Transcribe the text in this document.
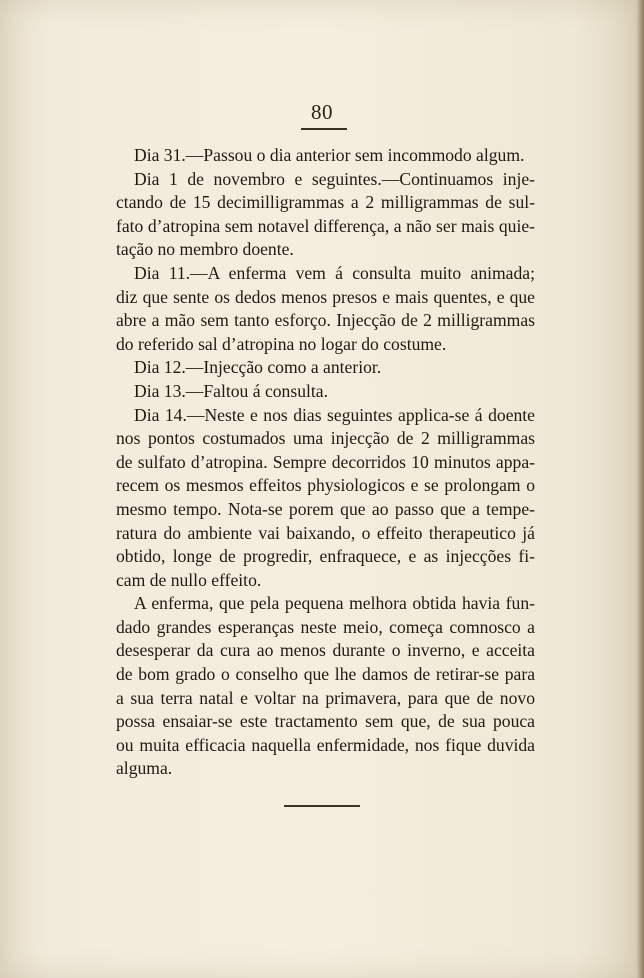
80
Dia 31.—Passou o dia anterior sem incommodo algum.
Dia 1 de novembro e seguintes.—Continuamos inje-
ctando de 15 decimilligrammas a 2 milligrammas de sul-
fato d’atropina sem notavel differença, a não ser mais quie-
tação no membro doente.
Dia 11.—A enferma vem á consulta muito animada;
diz que sente os dedos menos presos e mais quentes, e que
abre a mão sem tanto esforço. Injecção de 2 milligrammas
do referido sal d’atropina no logar do costume.
Dia 12.—Injecção como a anterior.
Dia 13.—Faltou á consulta.
Dia 14.—Neste e nos dias seguintes applica-se á doente
nos pontos costumados uma injecção de 2 milligrammas
de sulfato d’atropina. Sempre decorridos 10 minutos appa-
recem os mesmos effeitos physiologicos e se prolongam o
mesmo tempo. Nota-se porem que ao passo que a tempe-
ratura do ambiente vai baixando, o effeito therapeutico já
obtido, longe de progredir, enfraquece, e as injecções fi-
cam de nullo effeito.
A enferma, que pela pequena melhora obtida havia fun-
dado grandes esperanças neste meio, começa comnosco a
desesperar da cura ao menos durante o inverno, e acceita
de bom grado o conselho que lhe damos de retirar-se para
a sua terra natal e voltar na primavera, para que de novo
possa ensaiar-se este tractamento sem que, de sua pouca
ou muita efficacia naquella enfermidade, nos fique duvida
alguma.
